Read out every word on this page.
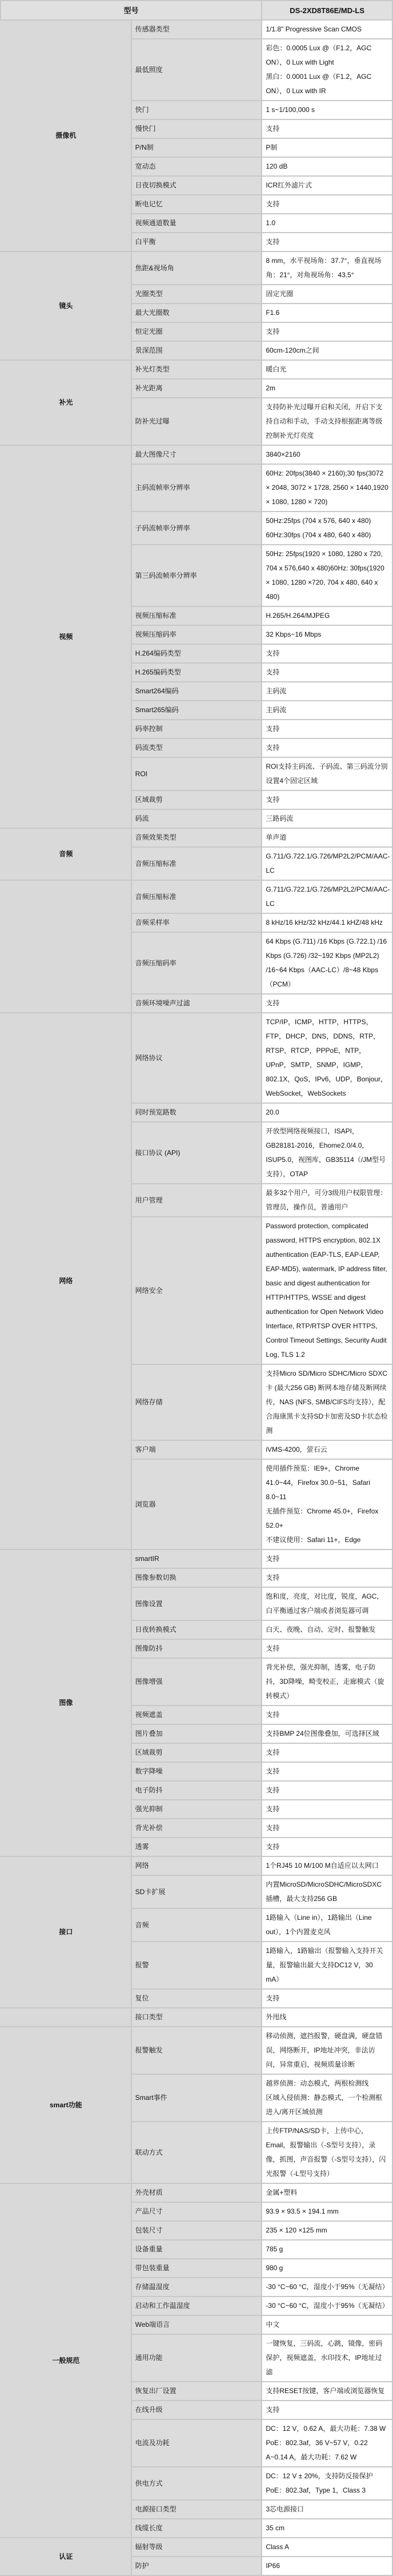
型号		DS-2XD8T86E/MD-LS
摄像机	传感器类型	1/1.8" Progressive Scan CMOS

	最低照度	彩色：0.0005 Lux @（F1.2，AGC ON），0 Lux with Light
黑白：0.0001 Lux @（F1.2，AGC ON），0 Lux with IR

	快门	1 s~1/100,000 s

	慢快门	支持

	P/N制	P制

	宽动态	120 dB

	日夜切换模式	ICR红外滤片式

	断电记忆	支持

	视频通道数量	1.0

	白平衡	支持

镜头	焦距&视场角	8 mm，水平视场角：37.7°，垂直视场角：21°，对角视场角：43.5°

	光圈类型	固定光圈

	最大光圈数	F1.6

	恒定光圈	支持

	景深范围	60cm-120cm之间

补光	补光灯类型	暖白光

	补光距离	2m

	防补光过曝	支持防补光过曝开启和关闭，开启下支持自动和手动，手动支持根据距离等级控制补光灯亮度

视频	最大图像尺寸	3840×2160

	主码流帧率分辨率	60Hz: 20fps(3840 × 2160);30 fps(3072 × 2048, 3072 × 1728, 2560 × 1440,1920 × 1080, 1280 × 720)

	子码流帧率分辨率	50Hz:25fps (704 x 576, 640 x 480) 60Hz:30fps (704 x 480, 640 x 480)

	第三码流帧率分辨率	50Hz: 25fps(1920 × 1080, 1280 x 720, 704 x 576,640 x 480)60Hz: 30fps(1920 × 1080, 1280 ×720, 704 x 480, 640 x 480)

	视频压缩标准	H.265/H.264/MJPEG

	视频压缩码率	32 Kbps~16 Mbps

	H.264编码类型	支持

	H.265编码类型	支持

	Smart264编码	主码流

	Smart265编码	主码流

	码率控制	支持

	码流类型	支持

	ROI	ROI支持主码流、子码流、第三码流分别设置4个固定区域

	区域裁剪	支持

	码流	三路码流

音频	音频效果类型	单声道

	音频压缩标准	G.711/G.722.1/G.726/MP2L2/PCM/AAC-LC

	音频压缩标准	G.711/G.722.1/G.726/MP2L2/PCM/AAC-LC

	音频采样率	8 kHz/16 kHz/32 kHz/44.1 kHZ/48 kHz

	音频压缩码率	64 Kbps (G.711) /16 Kbps (G.722.1) /16 Kbps (G.726) /32~192 Kbps (MP2L2) /16~64 Kbps（AAC-LC）/8~48 Kbps（PCM）

	音频环境噪声过滤	支持

网络	网络协议	TCP/IP，ICMP，HTTP，HTTPS，FTP，DHCP，DNS，DDNS，RTP，RTSP，RTCP，PPPoE，NTP，UPnP，SMTP，SNMP，IGMP，802.1X，QoS，IPv6，UDP，Bonjour，WebSocket，WebSockets

	同时预览路数	20.0

	接口协议 (API)	开放型网络视频接口，ISAPI，GB28181-2016，Ehome2.0/4.0，ISUP5.0，视图库，GB35114（/JM型号支持），OTAP

	用户管理	最多32个用户，可分3级用户权限管理：管理员，操作员，普通用户

	网络安全	Password protection, complicated password, HTTPS encryption, 802.1X authentication (EAP-TLS, EAP-LEAP, EAP-MD5), watermark, IP address filter, basic and digest authentication for HTTP/HTTPS, WSSE and digest authentication for Open Network Video Interface, RTP/RTSP OVER HTTPS, Control Timeout Settings, Security Audit Log, TLS 1.2

	网络存储	支持Micro SD/Micro SDHC/Micro SDXC卡 (最大256 GB) 断网本地存储及断网续传，NAS (NFS, SMB/CIFS均支持），配合海康黑卡支持SD卡加密及SD卡状态检测

	客户端	iVMS-4200，萤石云

	浏览器	使用插件预览：IE9+，Chrome 41.0~44，Firefox 30.0~51，Safari 8.0~11
无插件预览：Chrome 45.0+，Firefox 52.0+
不建议使用：Safari 11+，Edge

图像	smartIR	支持

	图像参数切换	支持

	图像设置	饱和度，亮度，对比度，锐度，AGC，白平衡通过客户端或者浏览器可调

	日夜转换模式	白天、夜晚、自动、定时、报警触发

	图像防抖	支持

	图像增强	背光补偿，强光抑制，透雾，电子防抖，3D降噪，畸变校正，走廊模式（旋转模式）

	视频遮盖	支持

	图片叠加	支持BMP 24位图像叠加，可选择区域

	区域裁剪	支持

	数字降噪	支持

	电子防抖	支持

	强光抑制	支持

	背光补偿	支持

	透雾	支持

接口	网络	1个RJ45 10 M/100 M自适应以太网口

	SD卡扩展	内置MicroSD/MicroSDHC/MicroSDXC 插槽，最大支持256 GB

	音频	1路输入（Line in），1路输出（Line out），1个内置麦克风

	报警	1路输入，1路输出（报警输入支持开关量，报警输出最大支持DC12 V，30 mA）

	复位	支持

	接口类型	外甩线

smart功能	报警触发	移动侦测，遮挡报警，硬盘满，硬盘错误，网络断开，IP地址冲突，非法访问，异常重启，视频质量诊断

	Smart事件	越界侦测：动态模式，两根检测线
区域入侵侦测：静态模式，一个检测框
进入/离开区域侦测

	联动方式	上传FTP/NAS/SD卡，上传中心，Email，报警输出（-S型号支持），录像，抓图，声音报警（-S型号支持），闪光报警（-L型号支持）

一般规范	外壳材质	金属+塑料

	产品尺寸	93.9 × 93.5 × 194.1 mm

	包装尺寸	235 × 120 ×125 mm

	设备重量	785 g

	带包装重量	980 g

	存储温湿度	-30 °C~60 °C，湿度小于95%（无凝结）

	启动和工作温湿度	-30 °C~60 °C，湿度小于95%（无凝结）

	Web端语言	中文

	通用功能	一键恢复，三码流，心跳，镜像，密码保护，视频遮盖，水印技术，IP地址过滤

	恢复出厂设置	支持RESET按键，客户端或浏览器恢复

	在线升级	支持

	电流及功耗	DC：12 V，0.62 A，最大功耗：7.38 W
PoE：802.3af，36 V~57 V，0.22 A~0.14 A，最大功耗：7.62 W

	供电方式	DC：12 V ± 20%，支持防反接保护
PoE：802.3af，Type 1，Class 3

	电源接口类型	3芯电源接口

	线缆长度	35 cm

认证	辐射等级	Class A

	防护	IP66
